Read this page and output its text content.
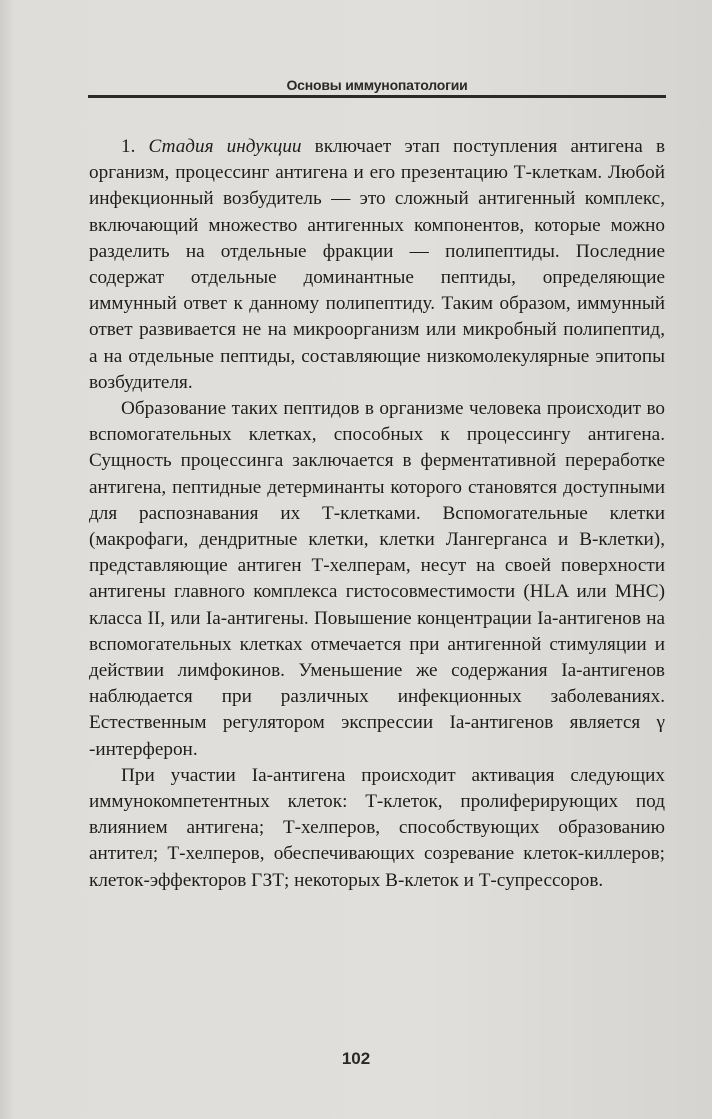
Основы иммунопатологии

1. Стадия индукции включает этап поступления антигена в организм, процессинг антигена и его презентацию Т-клеткам. Любой инфекционный возбудитель — это сложный антигенный комплекс, включающий множество антигенных компонентов, которые можно разделить на отдельные фракции — полипептиды. Последние содержат отдельные доминантные пептиды, определяющие иммунный ответ к данному полипептиду. Таким образом, иммунный ответ развивается не на микроорганизм или микробный полипептид, а на отдельные пептиды, составляющие низкомолекулярные эпитопы возбудителя.

Образование таких пептидов в организме человека происходит во вспомогательных клетках, способных к процессингу антигена. Сущность процессинга заключается в ферментативной переработке антигена, пептидные детерминанты которого становятся доступными для распознавания их Т-клетками. Вспомогательные клетки (макрофаги, дендритные клетки, клетки Лангерганса и В-клетки), представляющие антиген Т-хелперам, несут на своей поверхности антигены главного комплекса гистосовместимости (HLA или MHC) класса II, или Ia-антигены. Повышение концентрации Ia-антигенов на вспомогательных клетках отмечается при антигенной стимуляции и действии лимфокинов. Уменьшение же содержания Ia-антигенов наблюдается при различных инфекционных заболеваниях. Естественным регулятором экспрессии Ia-антигенов является γ -интерферон.

При участии Ia-антигена происходит активация следующих иммунокомпетентных клеток: Т-клеток, пролиферирующих под влиянием антигена; Т-хелперов, способствующих образованию антител; Т-хелперов, обеспечивающих созревание клеток-киллеров; клеток-эффекторов ГЗТ; некоторых В-клеток и Т-супрессоров.

102
